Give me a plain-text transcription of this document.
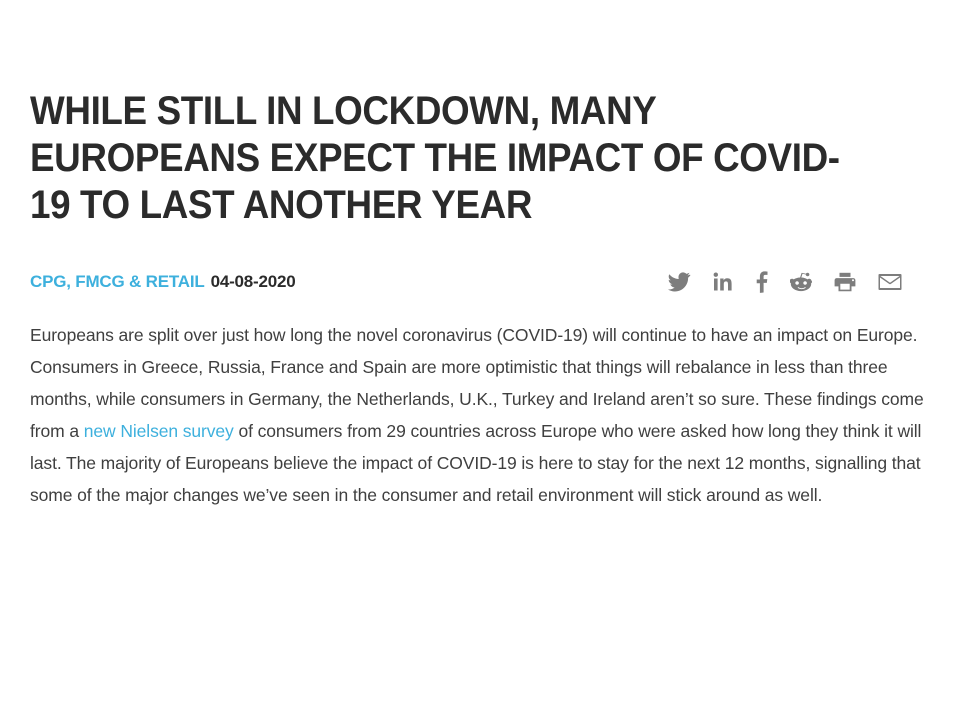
WHILE STILL IN LOCKDOWN, MANY EUROPEANS EXPECT THE IMPACT OF COVID-19 TO LAST ANOTHER YEAR
CPG, FMCG & RETAIL 04-08-2020
Europeans are split over just how long the novel coronavirus (COVID-19) will continue to have an impact on Europe. Consumers in Greece, Russia, France and Spain are more optimistic that things will rebalance in less than three months, while consumers in Germany, the Netherlands, U.K., Turkey and Ireland aren’t so sure. These findings come from a new Nielsen survey of consumers from 29 countries across Europe who were asked how long they think it will last. The majority of Europeans believe the impact of COVID-19 is here to stay for the next 12 months, signalling that some of the major changes we’ve seen in the consumer and retail environment will stick around as well.
